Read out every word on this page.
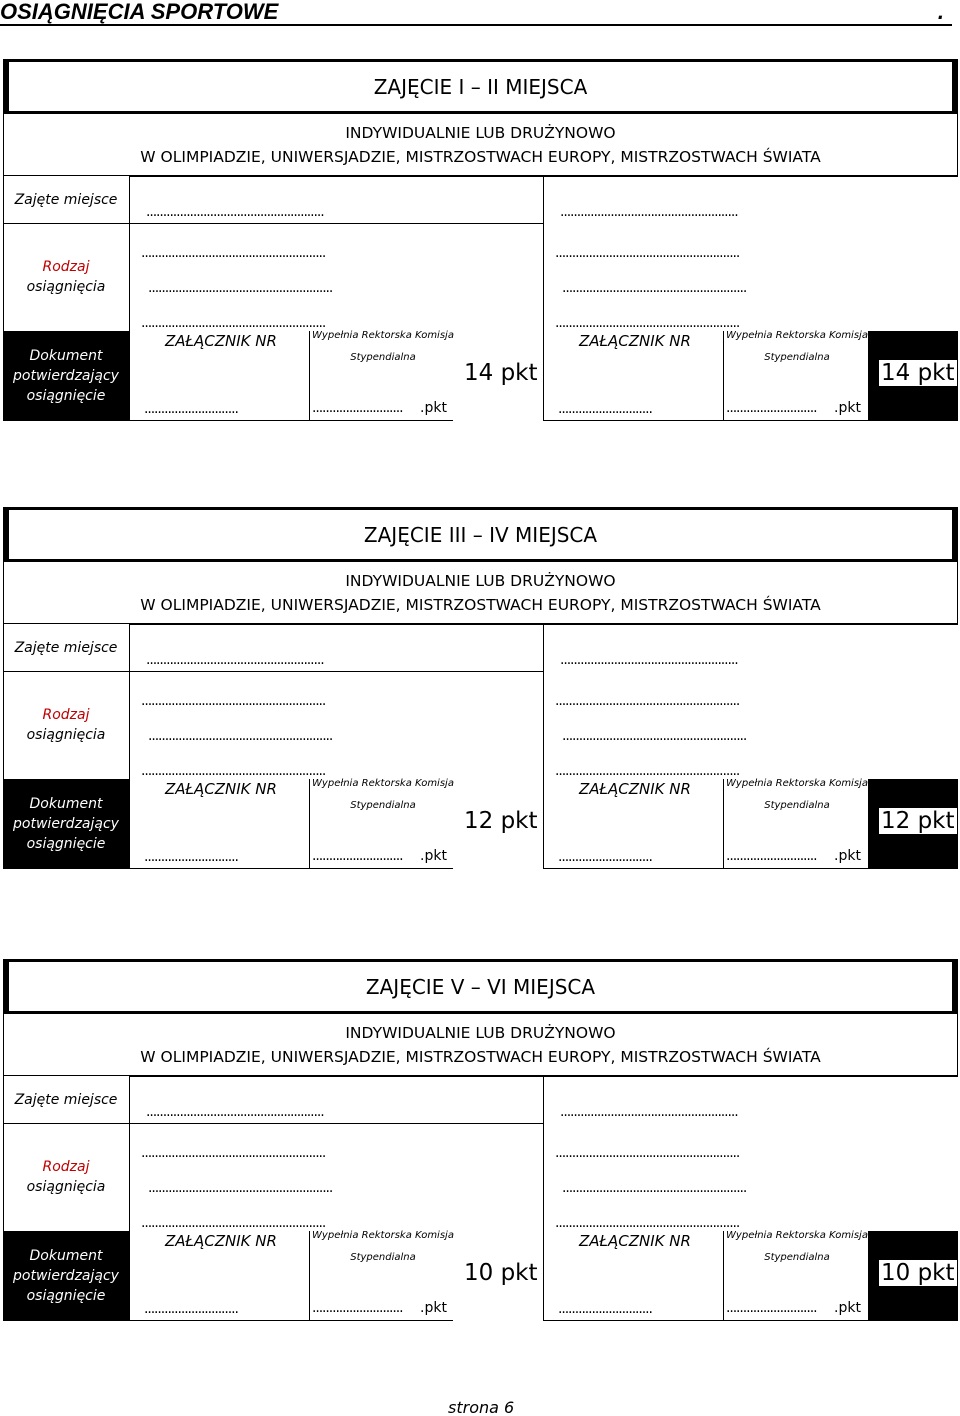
OSIĄGNIĘCIA SPORTOWE	.
ZAJĘCIE I – II MIEJSCA
INDYWIDUALNIE LUB DRUŻYNOWO
W OLIMPIADZIE, UNIWERSJADZIE, MISTRZOSTWACH EUROPY, MISTRZOSTWACH ŚWIATA
Zajęte miejsce
Rodzaj
osiągnięcia
Dokument
potwierdzający
osiągnięcie
.....................................................
.......................................................
.......................................................
.......................................................
ZAŁĄCZNIK NR
............................
Wypełnia Rektorska Komisja
Stypendialna
........................... .pkt
14 pkt
.....................................................
.......................................................
.......................................................
.......................................................
ZAŁĄCZNIK NR
............................
Wypełnia Rektorska Komisja
Stypendialna
........................... .pkt
14 pkt
ZAJĘCIE III – IV MIEJSCA
INDYWIDUALNIE LUB DRUŻYNOWO
W OLIMPIADZIE, UNIWERSJADZIE, MISTRZOSTWACH EUROPY, MISTRZOSTWACH ŚWIATA
Zajęte miejsce
Rodzaj
osiągnięcia
Dokument
potwierdzający
osiągnięcie
.....................................................
.......................................................
.......................................................
.......................................................
ZAŁĄCZNIK NR
............................
Wypełnia Rektorska Komisja
Stypendialna
........................... .pkt
12 pkt
.....................................................
.......................................................
.......................................................
.......................................................
ZAŁĄCZNIK NR
............................
Wypełnia Rektorska Komisja
Stypendialna
........................... .pkt
12 pkt
ZAJĘCIE V – VI MIEJSCA
INDYWIDUALNIE LUB DRUŻYNOWO
W OLIMPIADZIE, UNIWERSJADZIE, MISTRZOSTWACH EUROPY, MISTRZOSTWACH ŚWIATA
Zajęte miejsce
Rodzaj
osiągnięcia
Dokument
potwierdzający
osiągnięcie
.....................................................
.......................................................
.......................................................
.......................................................
ZAŁĄCZNIK NR
............................
Wypełnia Rektorska Komisja
Stypendialna
........................... .pkt
10 pkt
.....................................................
.......................................................
.......................................................
.......................................................
ZAŁĄCZNIK NR
............................
Wypełnia Rektorska Komisja
Stypendialna
........................... .pkt
10 pkt
strona 6
